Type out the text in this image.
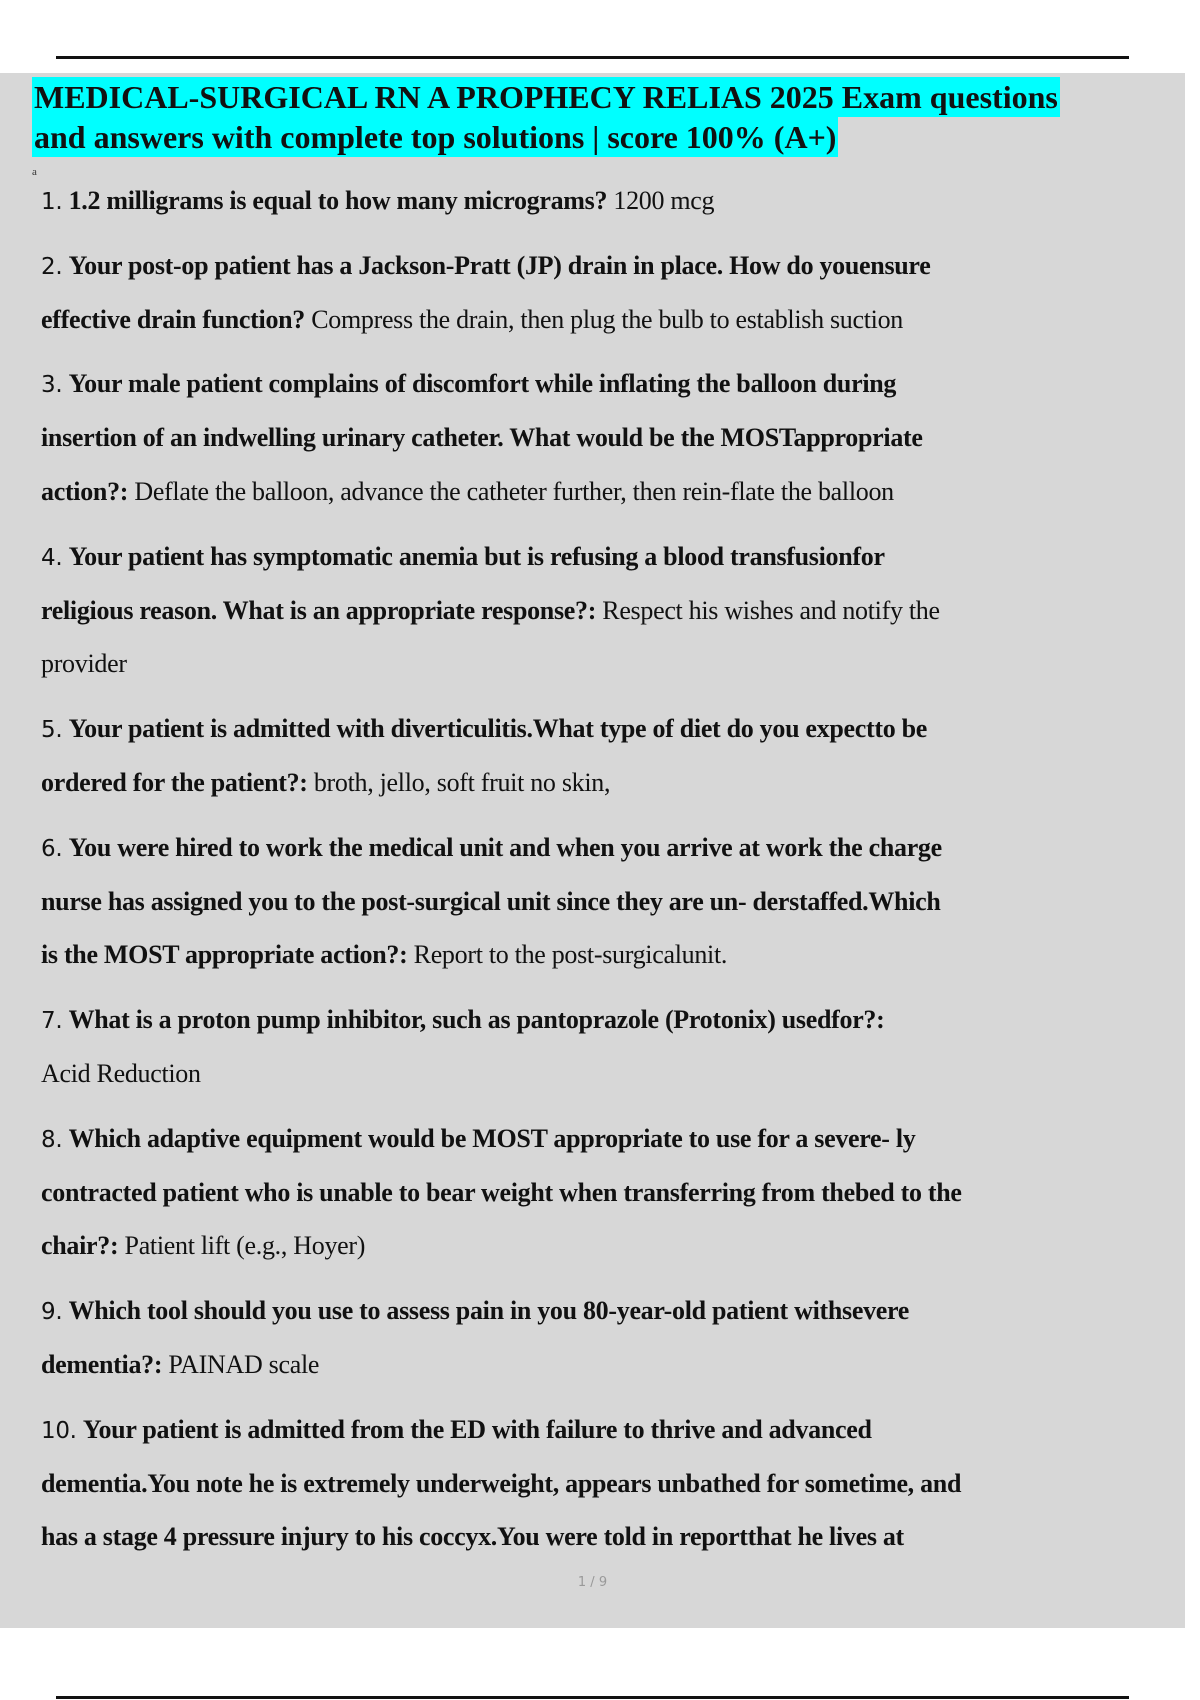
MEDICAL-SURGICAL RN A PROPHECY RELIAS 2025 Exam questions
and answers with complete top solutions | score 100% (A+)
a
1. 1.2 milligrams is equal to how many micrograms? 1200 mcg
2. Your post-op patient has a Jackson-Pratt (JP) drain in place. How do youensure
effective drain function? Compress the drain, then plug the bulb to establish suction
3. Your male patient complains of discomfort while inflating the balloon during
insertion of an indwelling urinary catheter. What would be the MOSTappropriate
action?: Deflate the balloon, advance the catheter further, then rein-flate the balloon
4. Your patient has symptomatic anemia but is refusing a blood transfusionfor
religious reason. What is an appropriate response?: Respect his wishes and notify the
provider
5. Your patient is admitted with diverticulitis.What type of diet do you expectto be
ordered for the patient?: broth, jello, soft fruit no skin,
6. You were hired to work the medical unit and when you arrive at work the charge
nurse has assigned you to the post-surgical unit since they are un- derstaffed.Which
is the MOST appropriate action?: Report to the post-surgicalunit.
7. What is a proton pump inhibitor, such as pantoprazole (Protonix) usedfor?:
Acid Reduction
8. Which adaptive equipment would be MOST appropriate to use for a severe- ly
contracted patient who is unable to bear weight when transferring from thebed to the
chair?: Patient lift (e.g., Hoyer)
9. Which tool should you use to assess pain in you 80-year-old patient withsevere
dementia?: PAINAD scale
10. Your patient is admitted from the ED with failure to thrive and advanced
dementia.You note he is extremely underweight, appears unbathed for sometime, and
has a stage 4 pressure injury to his coccyx.You were told in reportthat he lives at
1 / 9
